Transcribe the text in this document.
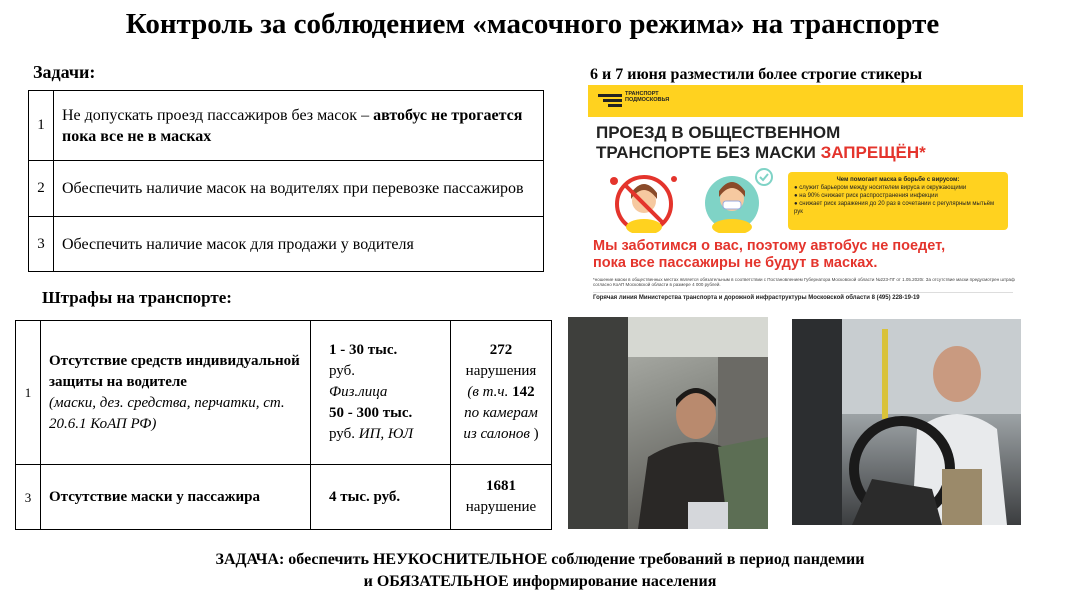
Контроль за соблюдением «масочного режима» на транспорте
Задачи:
1	Не допускать проезд пассажиров без масок – автобус не трогается пока все не в масках
2	Обеспечить наличие масок на водителях при перевозке пассажиров
3	Обеспечить наличие масок для продажи у водителя
Штрафы на транспорте:
1	Отсутствие средств индивидуальной защиты на водителе
(маски, дез. средства, перчатки, ст. 20.6.1 КоАП РФ)	1 - 30 тыс.
руб.
Физ.лица
50 - 300 тыс.
руб. ИП, ЮЛ	272
нарушения
(в т.ч. 142
по камерам из салонов )
3	Отсутствие маски у пассажира	4 тыс. руб.	1681
нарушение
6 и 7 июня разместили более строгие стикеры
ТРАНСПОРТ
ПОДМОСКОВЬЯ
ПРОЕЗД В ОБЩЕСТВЕННОМ
ТРАНСПОРТЕ БЕЗ МАСКИ ЗАПРЕЩЁН*
Чем помогает маска в борьбе с вирусом:
● служит барьером между носителем вируса и окружающими
● на 90% снижает риск распространения инфекции
● снижает риск заражения до 20 раз в сочетании с регулярным мытьём рук
Мы заботимся о вас, поэтому автобус не поедет,
пока все пассажиры не будут в масках.
*ношение маски в общественных местах является обязательным в соответствии с Постановлением Губернатора Московской области №223-ПГ от 1.05.2020г. За отсутствие маски предусмотрен штраф согласно КоАП Московской области в размере 4 000 рублей.
Горячая линия Министерства транспорта и дорожной инфраструктуры Московской области 8 (495) 228-19-19
ЗАДАЧА: обеспечить НЕУКОСНИТЕЛЬНОЕ соблюдение требований в период пандемии
и ОБЯЗАТЕЛЬНОЕ информирование населения
